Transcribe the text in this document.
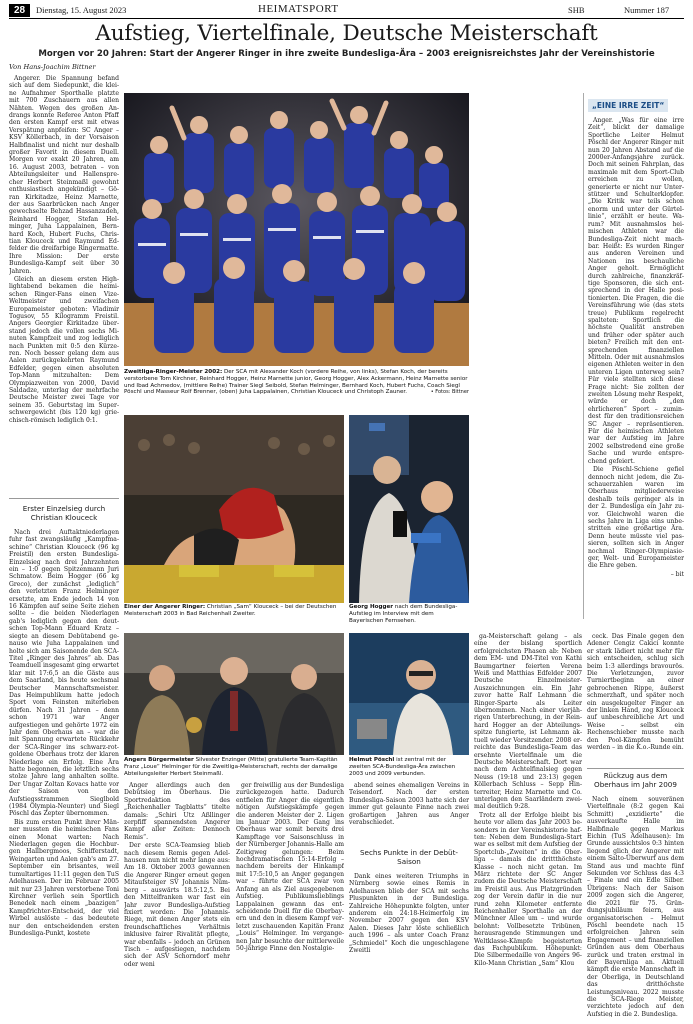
28	Dienstag, 15. August 2023	HEIMATSPORT	SHB	Nummer 187
Aufstieg, Viertelfinale, Deutsche Meisterschaft
Morgen vor 20 Jahren: Start der Angerer Ringer in ihre zweite Bundesliga-Ära – 2003 ereignisreichstes Jahr der Vereinshistorie
Von Hans-Joachim Bittner

Angerer. Die Spannung befand sich auf dem Siedepunkt, die kleine Aufnahmer Sporthalle platzte mit 700 Zuschauern aus allen Nähten. Wegen des großen Andrangs konnte Referee Anton Pfaff den ersten Kampf erst mit etwas Verspätung anpfeifen: SC Anger – KSV Köllerbach, in der Vorsaison Halbfinalist und nicht nur deshalb großer Favorit in diesem Duell. Morgen vor exakt 20 Jahren, am 16. August 2003, betraten – von Abteilungsleiter und Hallensprecher Herbert Steinmaßl gewohnt enthusiastisch angekündigt – Göran Kirkitadze, Heinz Marnette, der aus Saarbrücken nach Anger gewechselte Behzad Hassanzadeh, Reinhard Hogger, Stefan Helminger, Juha Lappalainen, Bernhard Koch, Hubert Fuchs, Christian Klouceck und Raymund Edfelder die dreifarbige Ringermatte. Ihre Mission: Der erste Bundesliga-Kampf seit über 30 Jahren.

Gleich an diesem ersten Highlightabend bekamen die heimischen Ringer-Fans einen VizeWeltmeister und zweifachen Europameister geboten: Vladimir Togusov, 55 Kilogramm Freistil. Angers Georgier Kirkitadze überstand jedoch die vollen sechs Minuten Kampfzeit und zog lediglich nach Punkten mit 0:5 den Kürzeren. Noch besser gelang dem aus Aalen zurückgekehrten Raymund Edfelder, gegen einen absoluten Top-Mann mitzuhalten: Dem Olympiazweiten von 2000, David Saldadze, unterlag der mehrfache Deutsche Meister zwei Tage vor seinem 35. Geburtstag im Superschwergewicht (bis 120 kg) griechisch-römisch lediglich 0:1.

Erster Einzelsieg durch Christian Klouceck

Nach drei Auftaktniederlagen fuhr fast zwangsläufig „Kampfmaschine“ Christian Klouceck (96 kg Freistil) den ersten Bundesliga-Einzelsieg nach drei Jahrzehnten ein – 1:0 gegen Spitzenmann Juri Schmatow. Beim Hogger (66 kg Greco), der zunächst „lediglich“ den verletzten Franz Helminger ersetzte, am Ende jedoch 14 von 16 Kämpfen auf seine Seite ziehen sollte – die beiden Niederlagen gab's lediglich gegen den deutschen Top-Mann Eduard Kratz – siegte an diesem Debütabend genauso wie Juha Lappalainen und holte sich am Saisonende den SCA-Titel „Ringer des Jahres“ ab. Das Teamduell insgesamt ging erwartet klar mit 17:6,5 an die Gäste aus dem Saarland, bis heute sechsmal Deutscher Mannschaftsmeister. Das Heimpublikum hatte jedoch Sport vom Feinsten miterleben dürfen. Nach 31 Jahren – denn schon 1971 war Anger aufgestiegen und gehörte 1972 ein Jahr dem Oberhaus an – war die mit Spannung erwartete Rückkehr der SCA-Ringer ins schwarz-rot-goldene Oberhaus trotz der klaren Niederlage ein Erfolg. Eine Ära hatte begonnen, die letztlich sechs stolze Jahre lang anhalten sollte. Der Ungar Zoltan Kovacs hatte vor der Saison von den Aufstiegsstrammen Sieglbold (1984 Olympia-Neunter) und Siegl Pöschl das Zepter übernommen.

Bis zum ersten Punkt ihrer Männer mussten die heimischen Fans einen Monat warten: Nach Niederlagen gegen die Hochburgen Hallbergmoos, Schifferstadt, Weingarten und Aalen gab's am 27. September ein brisantes, weil tumultartiges 11:11 gegen den TuS Adelhausen. Der im Februar 2005 mit nur 23 Jahren verstorbene Toni Kirchner verlieh sein Sportlich Benedek nach einem „baazigen“ Kampfrichter-Entscheid, der viel Wirbel auslöste – das bedeutete nur den entscheidenden ersten Bundesliga-Punkt, kostete

Zweitliga-Ringer-Meister 2002: Der SCA mit Alexander Koch (vordere Reihe, von links), Stefan Koch, der bereits verstorbene Tom Kirchner, Reinhard Hogger, Heinz Marnette junior, Georg Hogger, Alex Ackermann, Heinz Marnette senior und Ibad Achmedov, (mittlere Reihe) Trainer Siegl Seibold, Stefan Helminger, Bernhard Koch, Hubert Fuchs, Coach Siegl Pöschl und Masseur Rolf Brenner, (oben) Juha Lappalainen, Christian Klouceck und Christoph Zauner.	• Fotos: Bittner
Einer der Angerer Ringer: Christian „Sam“ Klouceck – bei der Deutschen Meisterschaft 2003 in Bad Reichenhall Zweiter.
Georg Hogger nach dem Bundesliga-Aufstieg im Interview mit dem Bayerischen Fernsehen.
Angers Bürgermeister Silvester Enzinger (Mitte) gratulierte Team-Kapitän Franz „Loue“ Helminger für die Zweitliga-Meisterschaft, rechts der damalige Abteilungsleiter Herbert Steinmaßl.
Helmut Pöschl ist zentral mit der zweiten SCA-Bundesliga-Ära zwischen 2003 und 2009 verbunden.

Anger allerdings auch den Debütsieg im Oberhaus. Die Sportredaktion des „Reichenhaller Tagblatts“ titelte damals: „Schiri Utz Aßllinger zerpfiff spannendsten Angerer Kampf aller Zeiten: Dennoch Remis“.

Der erste SCA-Teamsieg blieb nach diesem Remis gegen Adelhausen nun nicht mehr lange aus: Am 18. Oktober 2003 gewannen die Angerer Ringer erneut gegen Mitaufsteiger SV Johannis Nümberg – auswärts 18.5:12,5. Bei den Mittelfranken war fast ein Jahr zuvor Bundesliga-Aufstieg fixiert worden: Die Johannis-Riege, mit denen Anger stets ein freundschaftliches Verhältnis inklusive fairer Rivalität pflegte, war ebenfalls – jedoch an Grünen Tisch – aufgestiegen, nachdem sich der ASV Schorndorf mehr oder weni

ger freiwillig aus der Bundesliga zurückgezogen hatte. Dadurch entfielen für Anger die eigentlich nötigen Aufstiegskämpfe gegen die anderen Meister der 2. Ligen im Januar 2003. Der Gang ins Oberhaus war somit bereits drei Kampftage vor Saisonschluss in der Nürnberger Johannis-Halle am Zeitigweg gelungen: Beim hochdramatischen 15:14-Erfolg – nachdem bereits der Hinkampf mit 17:5:10,5 an Anger gegangen war – führte der SCA zwar von Anfang an als Ziel ausgegebenen Aufstieg. Publikumslieblings Lappalainen gewann das entscheidende Duell für die Oberbayern und den in diesem Kampf verletzt zuschauenden Kapitän Franz „Louis“ Helminger. Im vergangenen Jahr besuchte der mittlerweile 50-jährige Finne den Nostalgie-

ga-Meisterschaft gelang – als eine der bislang sportlich erfolgreichsten Phasen ab: Neben dem EM- und DM-Titel von Kathi Baumgartner feierten Verena Weiß und Matthias Edfelder 2007 Deutsche Einzelmeister-Auszeichnungen ein. Ein Jahr zuvor hatte Ralf Lehmann die Ringer-Sparte als Leiter übernommen. Nach einer vierjährigen Unterbrechung, in der Reinhard Hogger an der Abteilungsspitze fungierte, ist Lehmann aktuell wieder Vorsitzender. 2008 erreichte das Bundesliga-Team das ersehnte Viertelfinale um die Deutsche Meisterschaft. Dort war nach dem Achtelfinalsieg gegen Neuss (19:18 und 23:13) gegen Köllerbach Schluss – Sepp Hinterreiter, Heinz Marnette und Co. unterlagen den Saarländern zweimal deutlich 9:28.

Trotz all der Erfolge bleibt bis heute vor allem das Jahr 2003 besonders in der Vereinshistorie haften: Neben dem Bundesliga-Start war es selbst mit dem Aufstieg der Sportclub-„Zweiten“ in die Oberliga – damals die drittthöchste Klasse – noch nicht getan. Im März richtete der SC Anger zudem die Deutsche Meisterschaft im Freistil aus. Aus Platzgründen zog der Verein dafür in die nur rund zehn Kilometer entfernte Reichenhaller Sporthalle an der Münchner Allee um – und wurde belohnt: Vollbesetzte Tribünen, herausragende Stimmungen und Weltklasse-Kämpfe begeisterten das Fachpublikum. Höhepunkt: Die Silbermedaille von Angers 96-Kilo-Mann Christian „Sam“ Klou

abend seines ehemaligen Vereins in Teisendorf. Nach der ersten Bundesliga-Saison 2003 hatte sich der immer gut gelaunte Finne nach zwei großartigen Jahren aus Anger verabschiedet.

Sechs Punkte in der Debüt-Saison

Dank eines weiteren Triumphs in Nürnberg sowie eines Remis in Adelhausen blieb der SCA mit sechs Pluspunkten in der Bundesliga. Zahlreiche Höhepunkte folgten, unter anderem ein 24:18-Heimerfolg im November 2007 gegen den KSV Aalen. Dieses Jahr löste schließlich auch 1996 – als unter Coach Franz „Schmiedel“ Koch die ungeschlagene Zweitli

ceck. Das Finale gegen den Adener Cengiz Cakici konnte er stark lädiert nicht mehr für sich entscheiden, schlug sich beim 1:3 allerdings bravourös. Die Verletzungen, zuvor Turniertbeginn an einer gebrochenen Rippe, äußerst schmerzhaft, und später noch ein ausgekugelter Finger an der linken Hand, zog Klouceck auf unbeschreibliche Art und Weise – selbst ein Rechenschieber musste nach den Pool-Kämpfen bemüht werden – in die K.o.-Runde ein.

Rückzug aus dem Oberhaus im Jahr 2009

Nach einem souveränen Viertelfinale (8:2 gegen Kai Schmitt) „exzidierte“ die ausverkaufte Halle im Halbfinale gegen Markus Eichin (TuS Adelhausen): Im Grunde aussichtslos 0:3 hinten liegend glich der Angerer mit einem Salto-Überwurf aus dem Stand aus und machte fünf Sekunden vor Schluss das 4:3 – Finale und ein Edle Silber. Übrigens: Nach der Saison 2009 zogen sich die Angerer, die 2021 für 75. Gründungsjubiläum feiern, aus organisatorischen – Helmut Pöschl beendete nach 15 erfolgreichen Jahren sein Engagement – und finanziellen Gründen aus dem Oberhaus zurück und traten erstmal in der Bayernliga an. Aktuell kämpft die erste Mannschaft in der Oberliga, in Deutschland das dritthöchste Leistungsniveau. 2022 musste die SCA-Riege Meister, verzichtete jedoch auf den Aufstieg in die 2. Bundesliga.

„EINE IRRE ZEIT“

Anger. „Was für eine irre Zeit“, blickt der damalige Sportliche Leiter Helmut Pöschl der Angerer Ringer mit nun 20 Jahren Abstand auf die 2000er-Anfangsjahre zurück. Doch mit seinen Fahrplan, das maximale mit dem Sport-Club erreichen zu wollen, generierte er nicht nur Unterstützer und Schulterklopfer. „Die Kritik war teils schon enorm und unter der Gürtellinie“, erzählt er heute. Warum? Mit ausnahmslos heimischen Athleten war die Bundesliga-Zeit nicht machbar. Heißt: Es wurden Ringer aus anderen Vereinen und Nationen ins beschauliche Anger geholt. Ermöglicht durch zahlreiche, finanzkräftige Sponsoren, die sich entsprechend in der Halle positionierten. Die Fragen, die die Vereinsführung wie (das stets treue) Publikum regelrecht spalteten: Sportlich die höchste Qualität anstreben und früher oder später auch bieten? Freilich mit den entsprechenden finanziellen Mitteln. Oder mit ausnahmslos eigenen Athleten weiter in den unteren Ligen unterweg sein? Für viele stellten sich diese Frage nicht: Sie zollten der zweiten Lösung mehr Respekt, würde er doch „den ehrlicheren“ Sport – zumindest für den traditionsreichen SC Anger – repräsentieren. Für die heimischen Athleten war der Aufstieg im Jahre 2002 selbstredend eine große Sache und wurde entsprechend gefeiert.

Die Pöschl-Schiene gefiel dennoch nicht jedem, die Zuschauerzahlen waren im Oberhaus mitgliederweise deshalb teils geringer als in der 2. Bundesliga ein Jahr zuvor. Gleichwohl waren die sechs Jahre in Liga eins unbestritten eine großartige Ära. Denn heute müsste viel passieren, sollten sich in Anger nochmal Ringer-Olympiasieger, Welt- und Europameister die Ehre geben.

– bit
